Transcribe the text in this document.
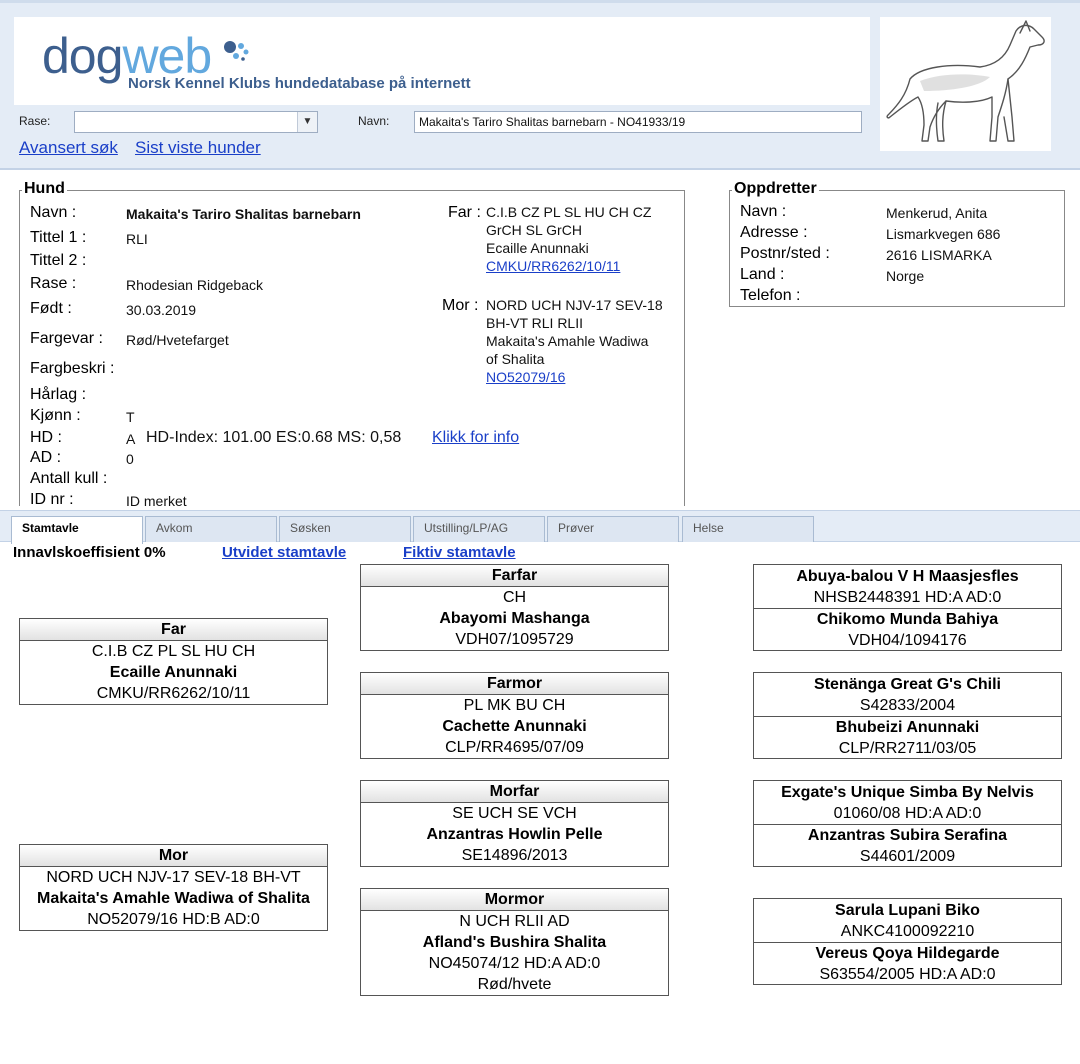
dogweb
Norsk Kennel Klubs hundedatabase på internett
Rase:	▼	Navn:
Makaita's Tariro Shalitas barnebarn - NO41933/19
Avansert søk Sist viste hunder
Hund
Navn :	Makaita's Tariro Shalitas barnebarn
Tittel 1 :	RLI
Tittel 2 :
Rase :	Rhodesian Ridgeback
Født :	30.03.2019
Fargevar : Rød/Hvetefarget
Fargbeskri :
Hårlag :
Kjønn :	T
HD :	A HD-Index: 101.00 ES:0.68 MS: 0,58 Klikk for info
AD :	0
Antall kull :
ID nr :	ID merket
Far : C.I.B CZ PL SL HU CH CZ
GrCH SL GrCH
Ecaille Anunnaki
CMKU/RR6262/10/11
Mor : NORD UCH NJV-17 SEV-18
BH-VT RLI RLII
Makaita's Amahle Wadiwa
of Shalita
NO52079/16
Oppdretter
Navn :	Menkerud, Anita
Adresse :	Lismarkvegen 686
Postnr/sted :	2616 LISMARKA
Land :	Norge
Telefon :
Stamtavle	Avkom	Søsken	Utstilling/LP/AG	Prøver	Helse
Innavlskoeffisient 0%	Utvidet stamtavle	Fiktiv stamtavle
Far
C.I.B CZ PL SL HU CH
Ecaille Anunnaki
CMKU/RR6262/10/11
Mor
NORD UCH NJV-17 SEV-18 BH-VT
Makaita's Amahle Wadiwa of Shalita
NO52079/16 HD:B AD:0
Farfar
CH
Abayomi Mashanga
VDH07/1095729
Farmor
PL MK BU CH
Cachette Anunnaki
CLP/RR4695/07/09
Morfar
SE UCH SE VCH
Anzantras Howlin Pelle
SE14896/2013
Mormor
N UCH RLII AD
Afland's Bushira Shalita
NO45074/12 HD:A AD:0
Rød/hvete
Abuya-balou V H Maasjesfles
NHSB2448391 HD:A AD:0
Chikomo Munda Bahiya
VDH04/1094176
Stenänga Great G's Chili
S42833/2004
Bhubeizi Anunnaki
CLP/RR2711/03/05
Exgate's Unique Simba By Nelvis
01060/08 HD:A AD:0
Anzantras Subira Serafina
S44601/2009
Sarula Lupani Biko
ANKC4100092210
Vereus Qoya Hildegarde
S63554/2005 HD:A AD:0
